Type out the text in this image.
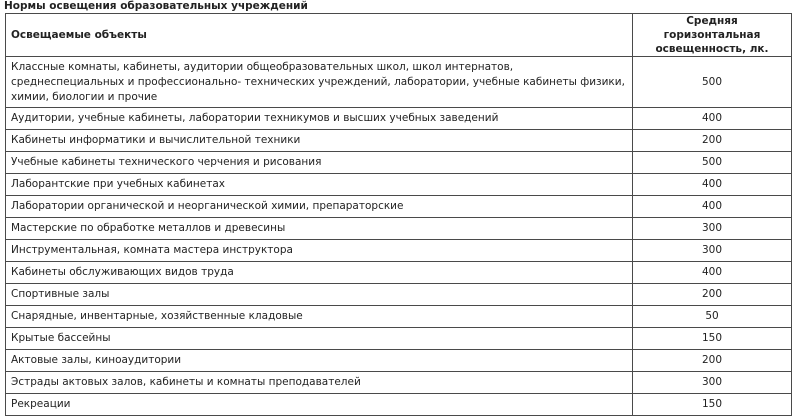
Нормы освещения образовательных учреждений
Освещаемые объекты	Средняя горизонтальная освещенность, лк.
Классные комнаты, кабинеты, аудитории общеобразовательных школ, школ интернатов, среднеспециальных и профессионально- технических учреждений, лаборатории, учебные кабинеты физики, химии, биологии и прочие	500
Аудитории, учебные кабинеты, лаборатории техникумов и высших учебных заведений	400
Кабинеты информатики и вычислительной техники	200
Учебные кабинеты технического черчения и рисования	500
Лаборантские при учебных кабинетах	400
Лаборатории органической и неорганической химии, препараторские	400
Мастерские по обработке металлов и древесины	300
Инструментальная, комната мастера инструктора	300
Кабинеты обслуживающих видов труда	400
Спортивные залы	200
Снарядные, инвентарные, хозяйственные кладовые	50
Крытые бассейны	150
Актовые залы, киноаудитории	200
Эстрады актовых залов, кабинеты и комнаты преподавателей	300
Рекреации	150
